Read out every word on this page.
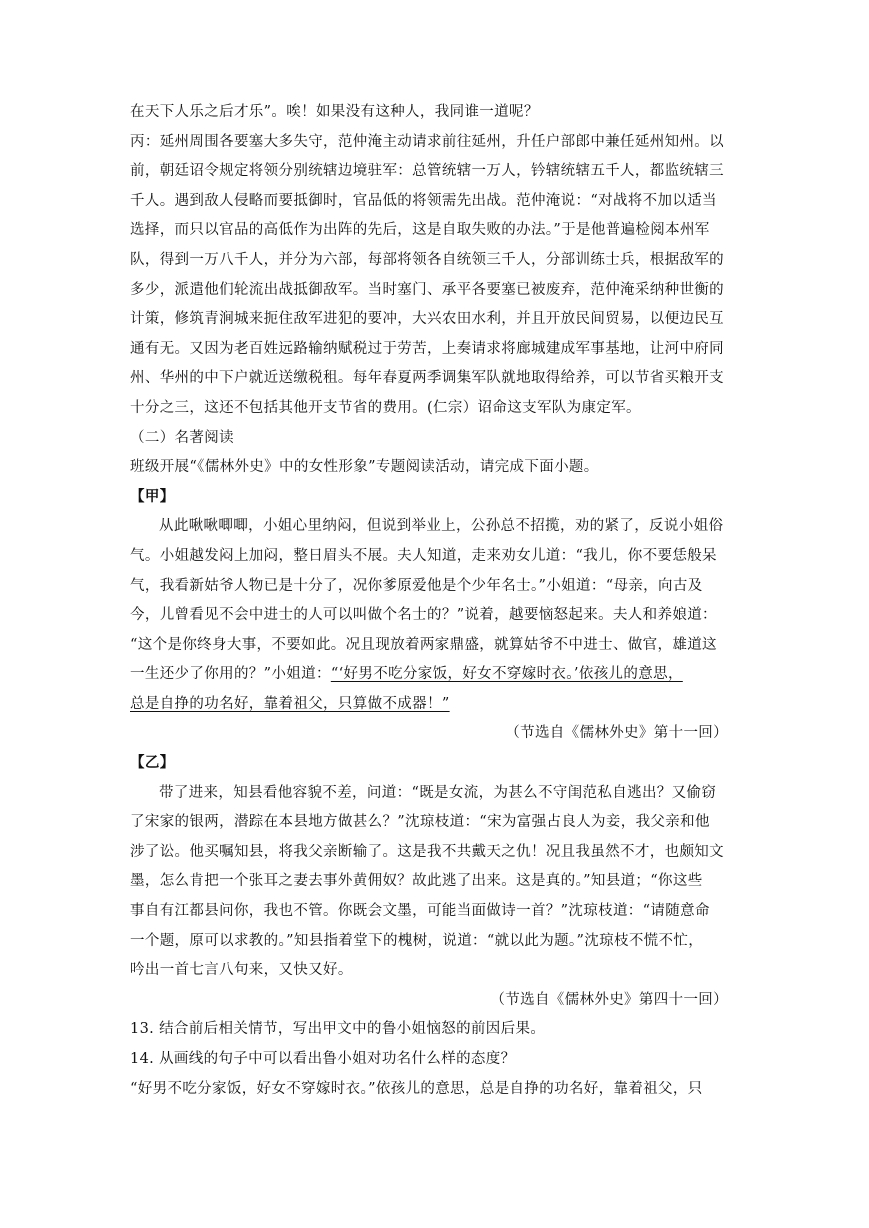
在天下人乐之后才乐”。唉！如果没有这种人，我同谁一道呢？
丙：延州周围各要塞大多失守，范仲淹主动请求前往延州，升任户部郎中兼任延州知州。以
前，朝廷诏令规定将领分别统辖边境驻军：总管统辖一万人，钤辖统辖五千人，都监统辖三
千人。遇到敌人侵略而要抵御时，官品低的将领需先出战。范仲淹说：“对战将不加以适当
选择，而只以官品的高低作为出阵的先后，这是自取失败的办法。”于是他普遍检阅本州军
队，得到一万八千人，并分为六部，每部将领各自统领三千人，分部训练士兵，根据敌军的
多少，派遣他们轮流出战抵御敌军。当时塞门、承平各要塞已被废弃，范仲淹采纳种世衡的
计策，修筑青涧城来扼住敌军进犯的要冲，大兴农田水利，并且开放民间贸易，以便边民互
通有无。又因为老百姓远路输纳赋税过于劳苦，上奏请求将廊城建成军事基地，让河中府同
州、华州的中下户就近送缴税租。每年春夏两季调集军队就地取得给养，可以节省买粮开支
十分之三，这还不包括其他开支节省的费用。(仁宗）诏命这支军队为康定军。
（二）名著阅读
班级开展“《儒林外史》中的女性形象”专题阅读活动，请完成下面小题。
【甲】
从此啾啾唧唧，小姐心里纳闷，但说到举业上，公孙总不招揽，劝的紧了，反说小姐俗
气。小姐越发闷上加闷，整日眉头不展。夫人知道，走来劝女儿道：“我儿，你不要恁般呆
气，我看新姑爷人物已是十分了，况你爹原爱他是个少年名士。”小姐道：“母亲，向古及
今，儿曾看见不会中进士的人可以叫做个名士的？”说着，越要恼怒起来。夫人和养娘道：
“这个是你终身大事，不要如此。况且现放着两家鼎盛，就算姑爷不中进士、做官，雄道这
一生还少了你用的？”小姐道：“‘好男不吃分家饭，好女不穿嫁时衣。’依孩儿的意思，
总是自挣的功名好，靠着祖父，只算做不成器！”
（节选自《儒林外史》第十一回）
【乙】
带了进来，知县看他容貌不差，问道：“既是女流，为甚么不守闺范私自逃出？又偷窃
了宋家的银两，潜踪在本县地方做甚么？”沈琼枝道：“宋为富强占良人为妾，我父亲和他
涉了讼。他买嘱知县，将我父亲断输了。这是我不共戴天之仇！况且我虽然不才，也颇知文
墨，怎么肯把一个张耳之妻去事外黄佣奴？故此逃了出来。这是真的。”知县道；“你这些
事自有江都县问你，我也不管。你既会文墨，可能当面做诗一首？”沈琼枝道：“请随意命
一个题，原可以求教的。”知县指着堂下的槐树，说道：“就以此为题。”沈琼枝不慌不忙，
吟出一首七言八句来，又快又好。
（节选自《儒林外史》第四十一回）
13. 结合前后相关情节，写出甲文中的鲁小姐恼怒的前因后果。
14. 从画线的句子中可以看出鲁小姐对功名什么样的态度？
“好男不吃分家饭，好女不穿嫁时衣。”依孩儿的意思，总是自挣的功名好，靠着祖父，只
